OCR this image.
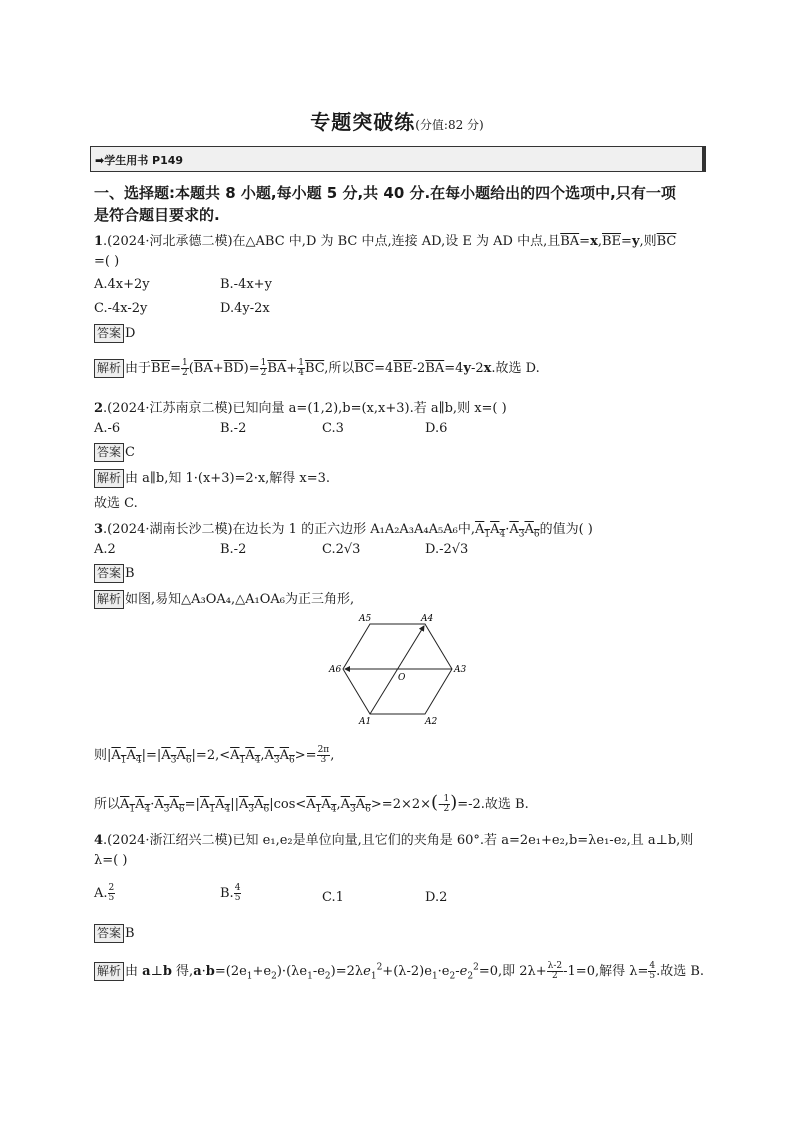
专题突破练(分值:82 分)
➡学生用书 P149
一、选择题:本题共 8 小题,每小题 5 分,共 40 分.在每小题给出的四个选项中,只有一项
是符合题目要求的.
1.(2024·河北承德二模)在△ABC 中,D 为 BC 中点,连接 AD,设 E 为 AD 中点,且$\overline{BA}=x,\overline{BE}=y$,则$\overline{BC}$
=( )
A.4x+2y	B.-4x+y
C.-4x-2y	D.4y-2x
答案 D
解析 由于$\overline{BE}= \frac{1}{2} (\overline{BA}+\overline{BD})= \frac{1}{2} \overline{BA}+ \frac{1}{4} \overline{BC}$,所以$\overline{BC}=4\overline{BE}-2\overline{BA}=4y-2x$.故选 D.
2.(2024·江苏南京二模)已知向量 a=(1,2),b=(x,x+3).若 a∥b,则 x=( )
A.-6	B.-2	C.3	D.6
答案 C
解析 由 a∥b,知 1·(x+3)=2·x,解得 x=3.
故选 C.
3.(2024·湖南长沙二模)在边长为 1 的正六边形 A₁A₂A₃A₄A₅A₆中$,A_1A_4\cdot A_3A_6$的值为( )
A.2	B.-2	C.2√3	D.-2√3
答案 B
解析 如图,易知△A₃OA₄,△A₁OA₆为正三角形,
A5	A4
A6	A3
O
A1	A2
则$|A_1A_4|=|A_3A_6|=2,<A_1A_4,A_3A_6>= \frac{2\pi}{3}$ ,
所以$A_1A_4\cdot A_3A_6=|A_1A_4||A_3A_6|\cos<A_1A_4,A_3A_6>=2\times 2\times(- \frac{1}{2} )=-2$.故选 B.
4.(2024·浙江绍兴二模)已知 e₁,e₂是单位向量,且它们的夹角是 60°.若 a=2e₁+e₂,b=λe₁-e₂,且 a⊥b,则
λ=( )
A. $\frac{2}{5}$	B. $\frac{4}{5}$	C.1	D.2
答案 B
解析 由 a⊥b 得$,a\cdot b=(2e_1+e_2)\cdot(\lambda e_1-e_2)=2\lambda e_1^2+(\lambda-2)e_1\cdot e_2-e_2^2=0$,即 $2\lambda+ \frac{\lambda-2}{2} -1=0$,解得 $\lambda= \frac{4}{5}$ .故选 B.
